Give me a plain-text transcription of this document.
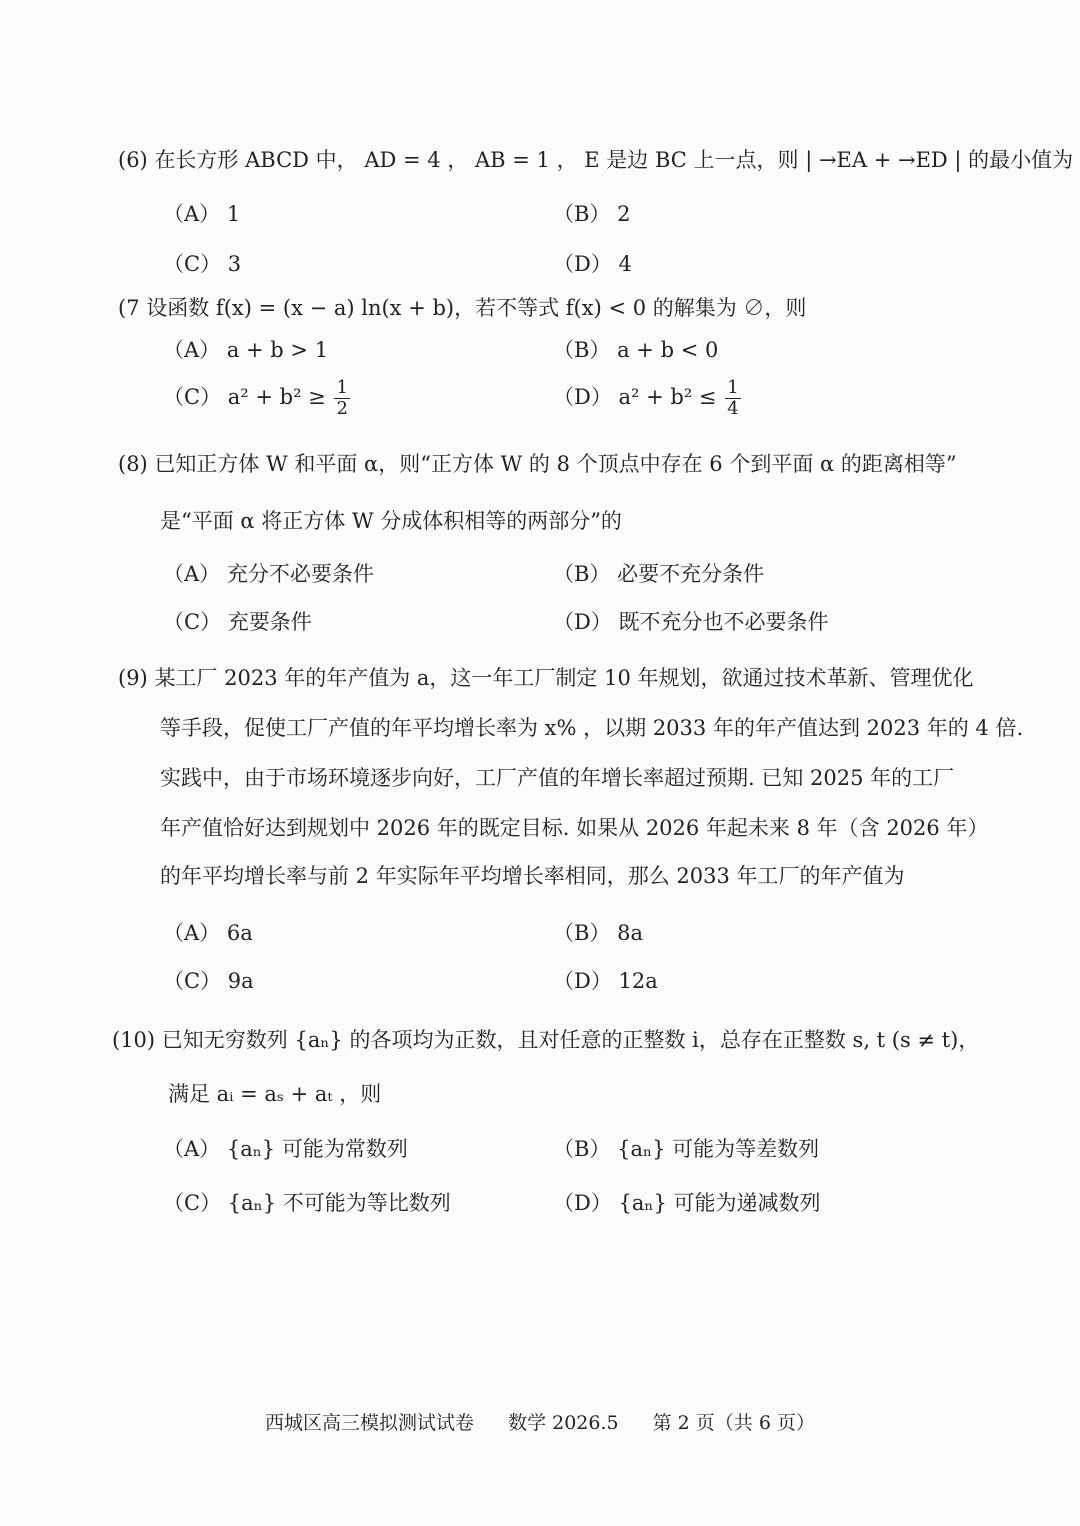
(6) 在长方形 ABCD 中， AD = 4 ， AB = 1 ， E 是边 BC 上一点，则 | →EA + →ED | 的最小值为
（A） 1	（B） 2
（C） 3	（D） 4
(7 设函数 f(x) = (x − a) ln(x + b)，若不等式 f(x) < 0 的解集为 ∅，则
（A） a + b > 1	（B） a + b < 0
（C） $a^2 + b^2 \ge \frac{1}{2}$	（D） $a^2 + b^2 \le \frac{1}{4}$
(8) 已知正方体 W 和平面 α，则“正方体 W 的 8 个顶点中存在 6 个到平面 α 的距离相等”
是“平面 α 将正方体 W 分成体积相等的两部分”的
（A） 充分不必要条件	（B） 必要不充分条件
（C） 充要条件	（D） 既不充分也不必要条件
(9) 某工厂 2023 年的年产值为 a，这一年工厂制定 10 年规划，欲通过技术革新、管理优化
等手段，促使工厂产值的年平均增长率为 x% ，以期 2033 年的年产值达到 2023 年的 4 倍.
实践中，由于市场环境逐步向好，工厂产值的年增长率超过预期. 已知 2025 年的工厂
年产值恰好达到规划中 2026 年的既定目标. 如果从 2026 年起未来 8 年（含 2026 年）
的年平均增长率与前 2 年实际年平均增长率相同，那么 2033 年工厂的年产值为
（A） 6a	（B） 8a
（C） 9a	（D） 12a
(10) 已知无穷数列 {aₙ} 的各项均为正数，且对任意的正整数 i，总存在正整数 s, t (s ≠ t)，
满足 aᵢ = aₛ + aₜ ，则
（A） {aₙ} 可能为常数列	（B） {aₙ} 可能为等差数列
（C） {aₙ} 不可能为等比数列	（D） {aₙ} 可能为递减数列
西城区高三模拟测试试卷 数学 2026.5 第 2 页（共 6 页）
